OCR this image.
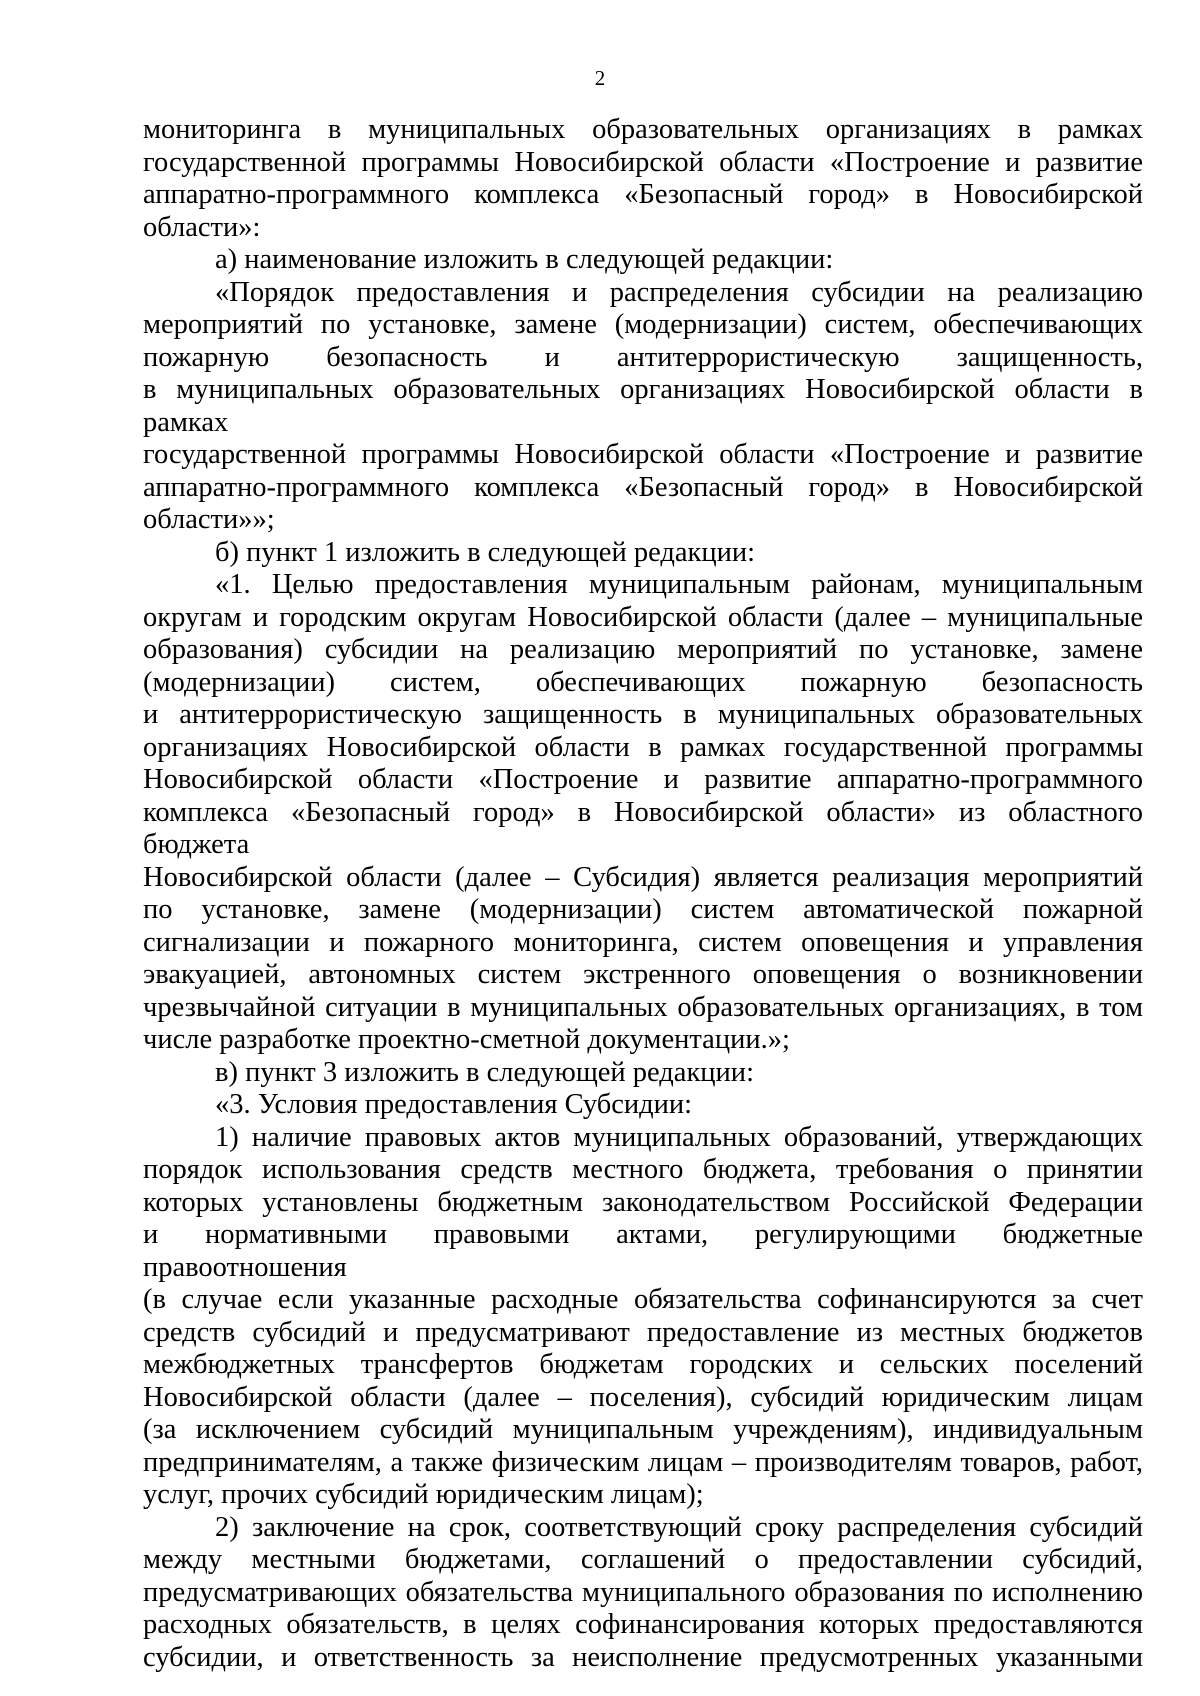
2
мониторинга в муниципальных образовательных организациях в рамках
государственной программы Новосибирской области «Построение и развитие
аппаратно-программного комплекса «Безопасный город» в Новосибирской
области»:
а) наименование изложить в следующей редакции:
«Порядок предоставления и распределения субсидии на реализацию
мероприятий по установке, замене (модернизации) систем, обеспечивающих
пожарную безопасность и антитеррористическую защищенность,
в муниципальных образовательных организациях Новосибирской области в рамках
государственной программы Новосибирской области «Построение и развитие
аппаратно-программного комплекса «Безопасный город» в Новосибирской
области»»;
б) пункт 1 изложить в следующей редакции:
«1. Целью предоставления муниципальным районам, муниципальным
округам и городским округам Новосибирской области (далее – муниципальные
образования) субсидии на реализацию мероприятий по установке, замене
(модернизации) систем, обеспечивающих пожарную безопасность
и антитеррористическую защищенность в муниципальных образовательных
организациях Новосибирской области в рамках государственной программы
Новосибирской области «Построение и развитие аппаратно-программного
комплекса «Безопасный город» в Новосибирской области» из областного бюджета
Новосибирской области (далее – Субсидия) является реализация мероприятий
по установке, замене (модернизации) систем автоматической пожарной
сигнализации и пожарного мониторинга, систем оповещения и управления
эвакуацией, автономных систем экстренного оповещения о возникновении
чрезвычайной ситуации в муниципальных образовательных организациях, в том
числе разработке проектно-сметной документации.»;
в) пункт 3 изложить в следующей редакции:
«3. Условия предоставления Субсидии:
1) наличие правовых актов муниципальных образований, утверждающих
порядок использования средств местного бюджета, требования о принятии
которых установлены бюджетным законодательством Российской Федерации
и нормативными правовыми актами, регулирующими бюджетные правоотношения
(в случае если указанные расходные обязательства софинансируются за счет
средств субсидий и предусматривают предоставление из местных бюджетов
межбюджетных трансфертов бюджетам городских и сельских поселений
Новосибирской области (далее – поселения), субсидий юридическим лицам
(за исключением субсидий муниципальным учреждениям), индивидуальным
предпринимателям, а также физическим лицам – производителям товаров, работ,
услуг, прочих субсидий юридическим лицам);
2) заключение на срок, соответствующий сроку распределения субсидий
между местными бюджетами, соглашений о предоставлении субсидий,
предусматривающих обязательства муниципального образования по исполнению
расходных обязательств, в целях софинансирования которых предоставляются
субсидии, и ответственность за неисполнение предусмотренных указанными
